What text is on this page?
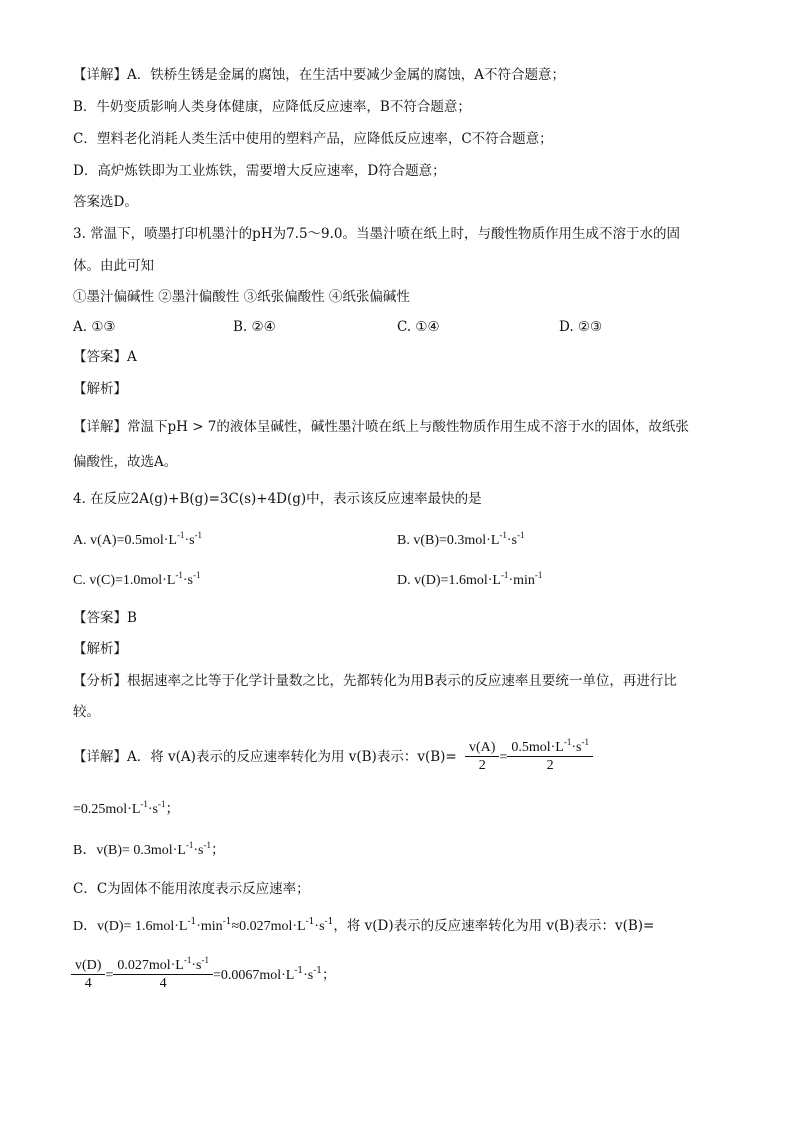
【详解】A．铁桥生锈是金属的腐蚀，在生活中要减少金属的腐蚀，A不符合题意；
B．牛奶变质影响人类身体健康，应降低反应速率，B不符合题意；
C．塑料老化消耗人类生活中使用的塑料产品，应降低反应速率，C不符合题意；
D．高炉炼铁即为工业炼铁，需要增大反应速率，D符合题意；
答案选D。
3. 常温下，喷墨打印机墨汁的pH为7.5～9.0。当墨汁喷在纸上时，与酸性物质作用生成不溶于水的固
体。由此可知
①墨汁偏碱性 ②墨汁偏酸性 ③纸张偏酸性 ④纸张偏碱性
A. ①③	B. ②④	C. ①④	D. ②③
【答案】A
【解析】
【详解】常温下pH > 7的液体呈碱性，碱性墨汁喷在纸上与酸性物质作用生成不溶于水的固体，故纸张
偏酸性，故选A。
4. 在反应2A(g)+B(g)=3C(s)+4D(g)中，表示该反应速率最快的是
A. $v(A)=0.5mol\cdot L^{-1}\cdot s^{-1}$	B. $v(B)=0.3mol\cdot L^{-1}\cdot s^{-1}$
C. $v(C)=1.0mol\cdot L^{-1}\cdot s^{-1}$	D. $v(D)=1.6mol\cdot L^{-1}\cdot\min^{-1}$
【答案】B
【解析】
【分析】根据速率之比等于化学计量数之比，先都转化为用B表示的反应速率且要统一单位，再进行比
较。
【详解】A．将 v(A)表示的反应速率转化为用 v(B)表示：$v(B)= \frac{v(A)}{2} = \frac{0.5mol\cdot L^{-1}\cdot s^{-1}}{2}$
$=0.25mol\cdot L^{-1}\cdot s^{-1}$；
B．$v(B)= 0.3mol\cdot L^{-1}\cdot s^{-1}$；
C．C为固体不能用浓度表示反应速率；
D．$v(D)= 1.6mol\cdot L^{-1}\cdot\min^{-1}\approx 0.027mol\cdot L^{-1}\cdot s^{-1}$，将 v(D)表示的反应速率转化为用 v(B)表示：v(B)=
$\frac{v(D)}{4} = \frac{0.027mol\cdot L^{-1}\cdot s^{-1}}{4} =0.0067mol\cdot L^{-1}\cdot s^{-1}$；
